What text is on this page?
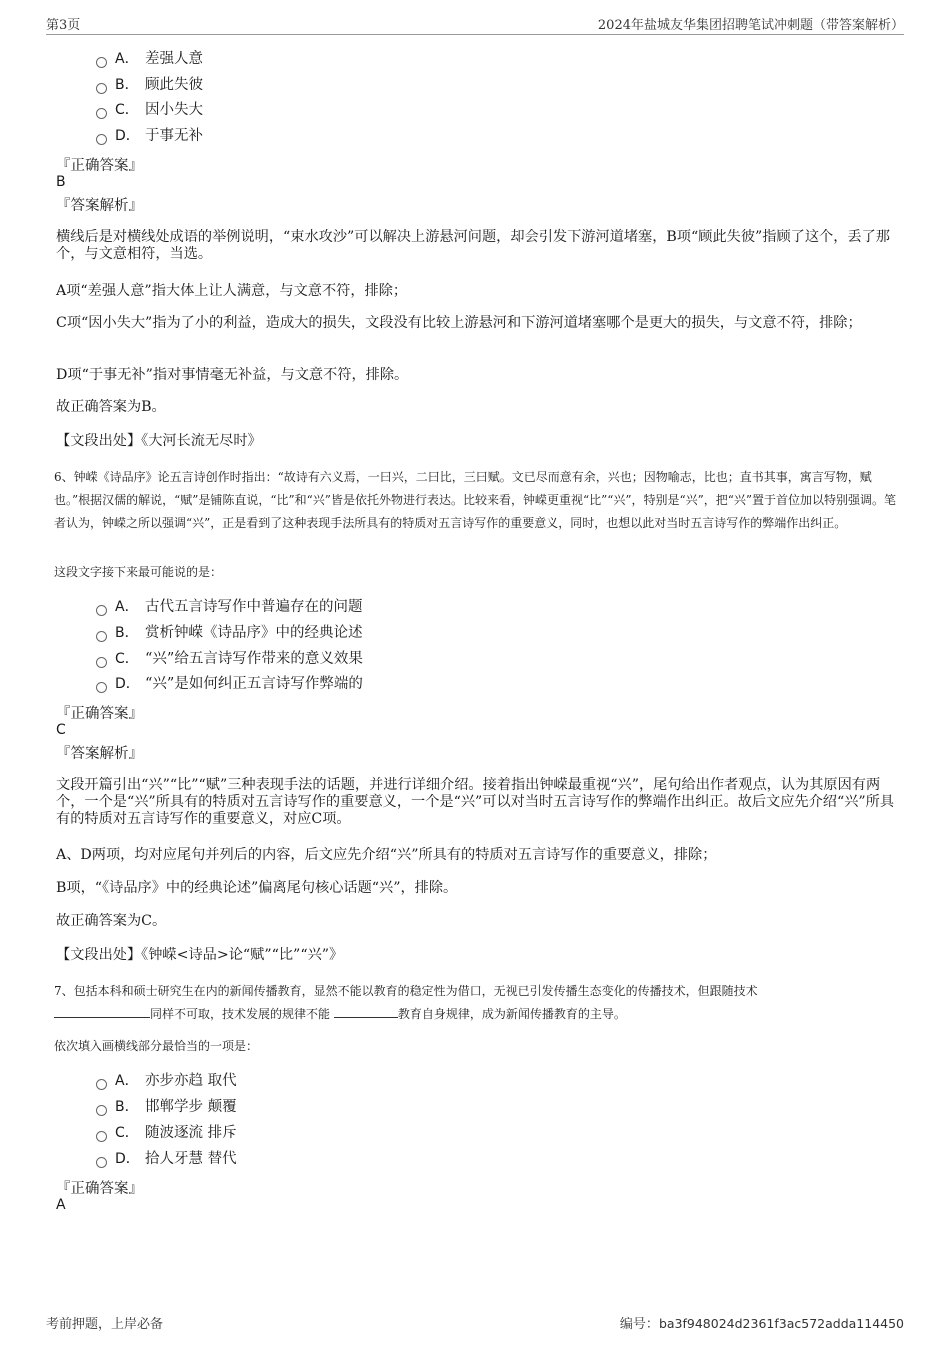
第3页	2024年盐城友华集团招聘笔试冲刺题（带答案解析）
A． 差强人意
B． 顾此失彼
C． 因小失大
D． 于事无补
『正确答案』
B
『答案解析』
横线后是对横线处成语的举例说明，“束水攻沙”可以解决上游悬河问题，却会引发下游河道堵塞，B项“顾此失彼”指顾了这个，丢了那个，与文意相符，当选。
A项“差强人意”指大体上让人满意，与文意不符，排除；
C项“因小失大”指为了小的利益，造成大的损失，文段没有比较上游悬河和下游河道堵塞哪个是更大的损失，与文意不符，排除；
D项“于事无补”指对事情毫无补益，与文意不符，排除。
故正确答案为B。
【文段出处】《大河长流无尽时》
6、钟嵘《诗品序》论五言诗创作时指出：“故诗有六义焉，一曰兴，二曰比，三曰赋。文已尽而意有余，兴也；因物喻志，比也；直书其事，寓言写物，赋也。”根据汉儒的解说，“赋”是铺陈直说，“比”和“兴”皆是依托外物进行表达。比较来看，钟嵘更重视“比”“兴”，特别是“兴”，把“兴”置于首位加以特别强调。笔者认为，钟嵘之所以强调“兴”，正是看到了这种表现手法所具有的特质对五言诗写作的重要意义，同时，也想以此对当时五言诗写作的弊端作出纠正。
这段文字接下来最可能说的是：
A． 古代五言诗写作中普遍存在的问题
B． 赏析钟嵘《诗品序》中的经典论述
C． “兴”给五言诗写作带来的意义效果
D． “兴”是如何纠正五言诗写作弊端的
『正确答案』
C
『答案解析』
文段开篇引出“兴”“比”“赋”三种表现手法的话题，并进行详细介绍。接着指出钟嵘最重视“兴”，尾句给出作者观点，认为其原因有两个，一个是“兴”所具有的特质对五言诗写作的重要意义，一个是“兴”可以对当时五言诗写作的弊端作出纠正。故后文应先介绍“兴”所具有的特质对五言诗写作的重要意义，对应C项。
A、D两项，均对应尾句并列后的内容，后文应先介绍“兴”所具有的特质对五言诗写作的重要意义，排除；
B项，“《诗品序》中的经典论述”偏离尾句核心话题“兴”，排除。
故正确答案为C。
【文段出处】《钟嵘<诗品>论“赋”“比”“兴”》
7、包括本科和硕士研究生在内的新闻传播教育，显然不能以教育的稳定性为借口，无视已引发传播生态变化的传播技术，但跟随技术
同样不可取，技术发展的规律不能	教育自身规律，成为新闻传播教育的主导。
依次填入画横线部分最恰当的一项是：
A． 亦步亦趋 取代
B． 邯郸学步 颠覆
C． 随波逐流 排斥
D． 拾人牙慧 替代
『正确答案』
A
考前押题，上岸必备	编号：ba3f948024d2361f3ac572adda114450
